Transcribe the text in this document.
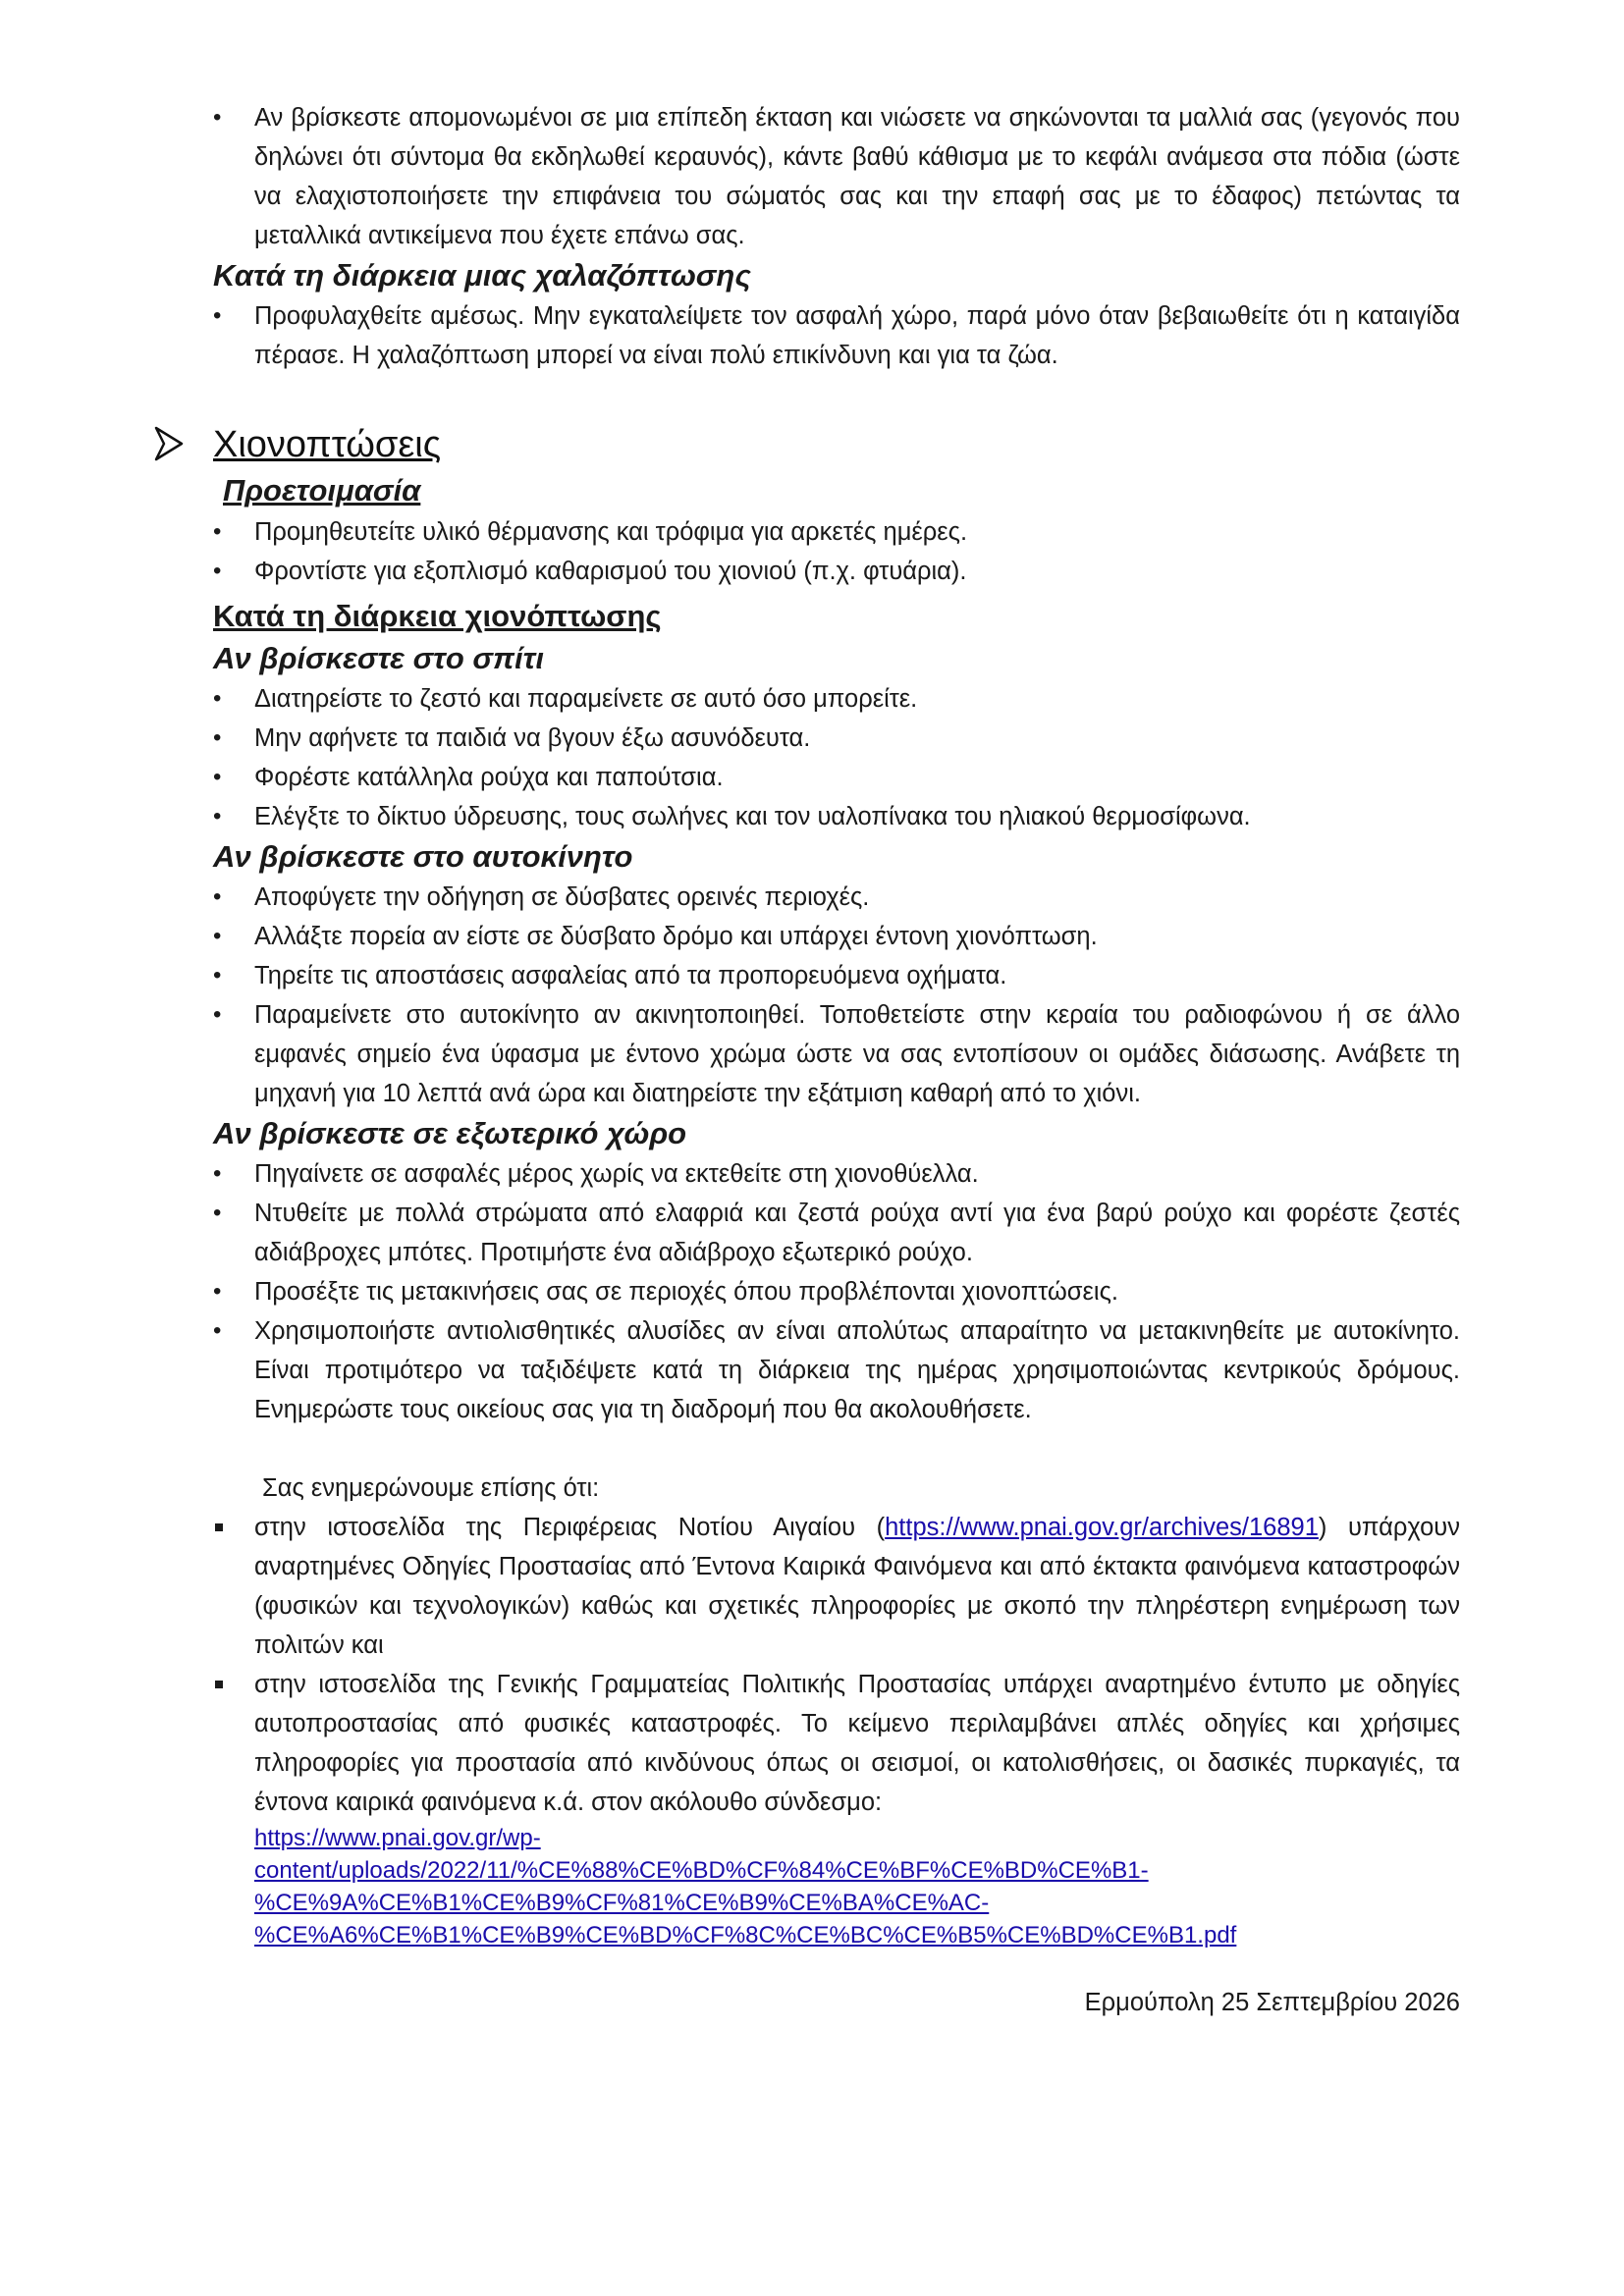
• Αν βρίσκεστε απομονωμένοι σε μια επίπεδη έκταση και νιώσετε να σηκώνονται τα μαλλιά σας (γεγονός που δηλώνει ότι σύντομα θα εκδηλωθεί κεραυνός), κάντε βαθύ κάθισμα με το κεφάλι ανάμεσα στα πόδια (ώστε να ελαχιστοποιήσετε την επιφάνεια του σώματός σας και την επαφή σας με το έδαφος) πετώντας τα μεταλλικά αντικείμενα που έχετε επάνω σας.
Κατά τη διάρκεια μιας χαλαζόπτωσης
• Προφυλαχθείτε αμέσως. Μην εγκαταλείψετε τον ασφαλή χώρο, παρά μόνο όταν βεβαιωθείτε ότι η καταιγίδα πέρασε. Η χαλαζόπτωση μπορεί να είναι πολύ επικίνδυνη και για τα ζώα.
Χιονοπτώσεις
Προετοιμασία
• Προμηθευτείτε υλικό θέρμανσης και τρόφιμα για αρκετές ημέρες.
• Φροντίστε για εξοπλισμό καθαρισμού του χιονιού (π.χ. φτυάρια).
Κατά τη διάρκεια χιονόπτωσης
Αν βρίσκεστε στο σπίτι
• Διατηρείστε το ζεστό και παραμείνετε σε αυτό όσο μπορείτε.
• Μην αφήνετε τα παιδιά να βγουν έξω ασυνόδευτα.
• Φορέστε κατάλληλα ρούχα και παπούτσια.
• Ελέγξτε το δίκτυο ύδρευσης, τους σωλήνες και τον υαλοπίνακα του ηλιακού θερμοσίφωνα.
Αν βρίσκεστε στο αυτοκίνητο
• Αποφύγετε την οδήγηση σε δύσβατες ορεινές περιοχές.
• Αλλάξτε πορεία αν είστε σε δύσβατο δρόμο και υπάρχει έντονη χιονόπτωση.
• Τηρείτε τις αποστάσεις ασφαλείας από τα προπορευόμενα οχήματα.
• Παραμείνετε στο αυτοκίνητο αν ακινητοποιηθεί. Τοποθετείστε στην κεραία του ραδιοφώνου ή σε άλλο εμφανές σημείο ένα ύφασμα με έντονο χρώμα ώστε να σας εντοπίσουν οι ομάδες διάσωσης. Ανάβετε τη μηχανή για 10 λεπτά ανά ώρα και διατηρείστε την εξάτμιση καθαρή από το χιόνι.
Αν βρίσκεστε σε εξωτερικό χώρο
• Πηγαίνετε σε ασφαλές μέρος χωρίς να εκτεθείτε στη χιονοθύελλα.
• Ντυθείτε με πολλά στρώματα από ελαφριά και ζεστά ρούχα αντί για ένα βαρύ ρούχο και φορέστε ζεστές αδιάβροχες μπότες. Προτιμήστε ένα αδιάβροχο εξωτερικό ρούχο.
• Προσέξτε τις μετακινήσεις σας σε περιοχές όπου προβλέπονται χιονοπτώσεις.
• Χρησιμοποιήστε αντιολισθητικές αλυσίδες αν είναι απολύτως απαραίτητο να μετακινηθείτε με αυτοκίνητο. Είναι προτιμότερο να ταξιδέψετε κατά τη διάρκεια της ημέρας χρησιμοποιώντας κεντρικούς δρόμους. Ενημερώστε τους οικείους σας για τη διαδρομή που θα ακολουθήσετε.
Σας ενημερώνουμε επίσης ότι:
στην ιστοσελίδα της Περιφέρειας Νοτίου Αιγαίου (https://www.pnai.gov.gr/archives/16891) υπάρχουν αναρτημένες Οδηγίες Προστασίας από Έντονα Καιρικά Φαινόμενα και από έκτακτα φαινόμενα καταστροφών (φυσικών και τεχνολογικών) καθώς και σχετικές πληροφορίες με σκοπό την πληρέστερη ενημέρωση των πολιτών και
στην ιστοσελίδα της Γενικής Γραμματείας Πολιτικής Προστασίας υπάρχει αναρτημένο έντυπο με οδηγίες αυτοπροστασίας από φυσικές καταστροφές. Το κείμενο περιλαμβάνει απλές οδηγίες και χρήσιμες πληροφορίες για προστασία από κινδύνους όπως οι σεισμοί, οι κατολισθήσεις, οι δασικές πυρκαγιές, τα έντονα καιρικά φαινόμενα κ.ά. στον ακόλουθο σύνδεσμο:
https://www.pnai.gov.gr/wp-
content/uploads/2022/11/%CE%88%CE%BD%CF%84%CE%BF%CE%BD%CE%B1-
%CE%9A%CE%B1%CE%B9%CF%81%CE%B9%CE%BA%CE%AC-
%CE%A6%CE%B1%CE%B9%CE%BD%CF%8C%CE%BC%CE%B5%CE%BD%CE%B1.pdf
Ερμούπολη 25 Σεπτεμβρίου 2026
